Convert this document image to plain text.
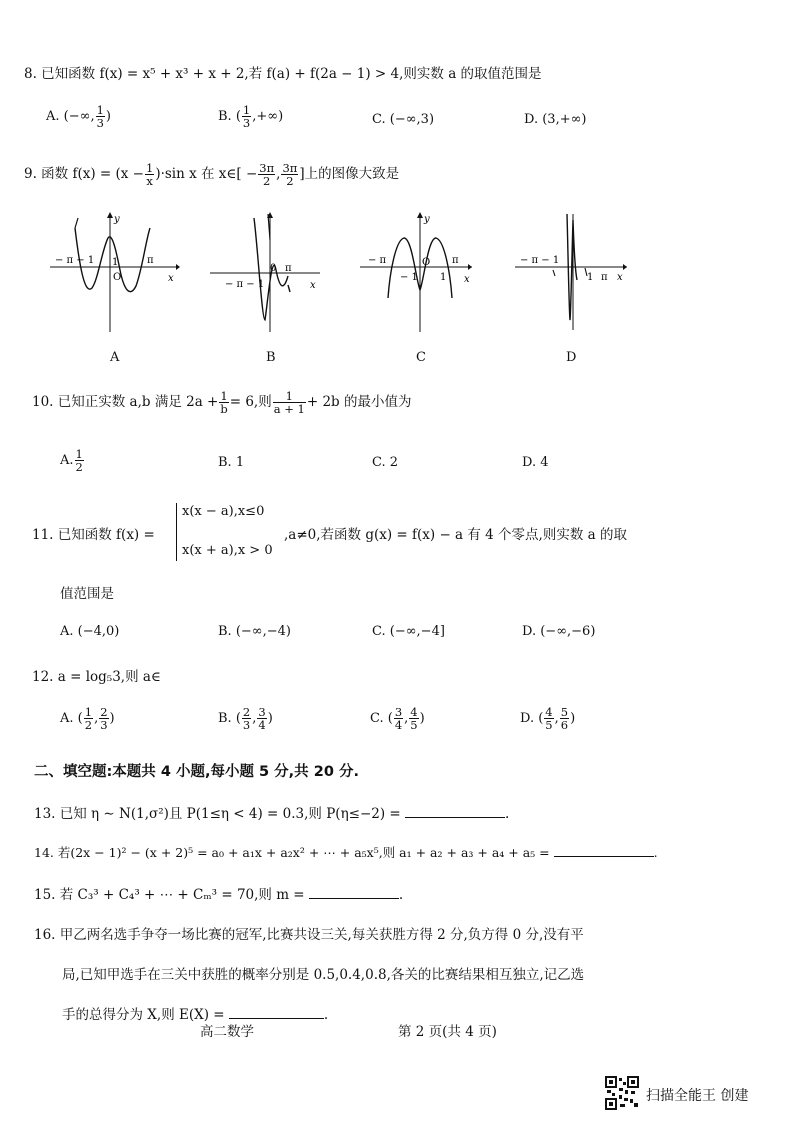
8. 已知函数 f(x) = x⁵ + x³ + x + 2,若 f(a) + f(2a − 1) > 4,则实数 a 的取值范围是
A. (−∞, $\frac{1}{3}$ )	B. ( $\frac{1}{3}$ ,+∞)	C. (−∞,3)	D. (3,+∞)
9. 函数 $f(x) = (x - \frac{1}{x} )\cdot\sin$ x 在 x∈[ − $\frac{3\pi}{2}$ , $\frac{3\pi}{2}$ ]上的图像大致是
− π − 1 1
O
π
x
y
A
− π − 1
0 π
x
B
− π
− 1
O
1
π
x
y
C
− π − 1
1 π x
D
10. 已知正实数 a,b 满足 $2a + \frac{1}{b} = 6$,则 $\frac{1}{a + 1} + 2b$ 的最小值为
A. $\frac{1}{2}$	B. 1	C. 2	D. 4
11. 已知函数 f(x) =
x(x − a),x≤0
x(x + a),x > 0
,a≠0,若函数 g(x) = f(x) − a 有 4 个零点,则实数 a 的取
值范围是
A. (−4,0)	B. (−∞,−4)	C. (−∞,−4]	D. (−∞,−6)
12. a = log₅3,则 a∈
A. ( $\frac{1}{2}$ , $\frac{2}{3}$ )	B. ( $\frac{2}{3}$ , $\frac{3}{4}$ )	C. ( $\frac{3}{4}$ , $\frac{4}{5}$ )	D. ( $\frac{4}{5}$ , $\frac{5}{6}$ )
二、填空题:本题共 4 小题,每小题 5 分,共 20 分.
13. 已知 η ∼ N(1,σ²)且 P(1≤η < 4) = 0.3,则 P(η≤−2) =	.
14. 若(2x − 1)² − (x + 2)⁵ = a₀ + a₁x + a₂x² + ⋯ + a₅x⁵,则 a₁ + a₂ + a₃ + a₄ + a₅ =	.
15. 若 C₃³ + C₄³ + ⋯ + Cₘ³ = 70,则 m =	.
16. 甲乙两名选手争夺一场比赛的冠军,比赛共设三关,每关获胜方得 2 分,负方得 0 分,没有平
局,已知甲选手在三关中获胜的概率分别是 0.5,0.4,0.8,各关的比赛结果相互独立,记乙选
手的总得分为 X,则 E(X) =	.
高二数学	第 2 页(共 4 页)
扫描全能王 创建
